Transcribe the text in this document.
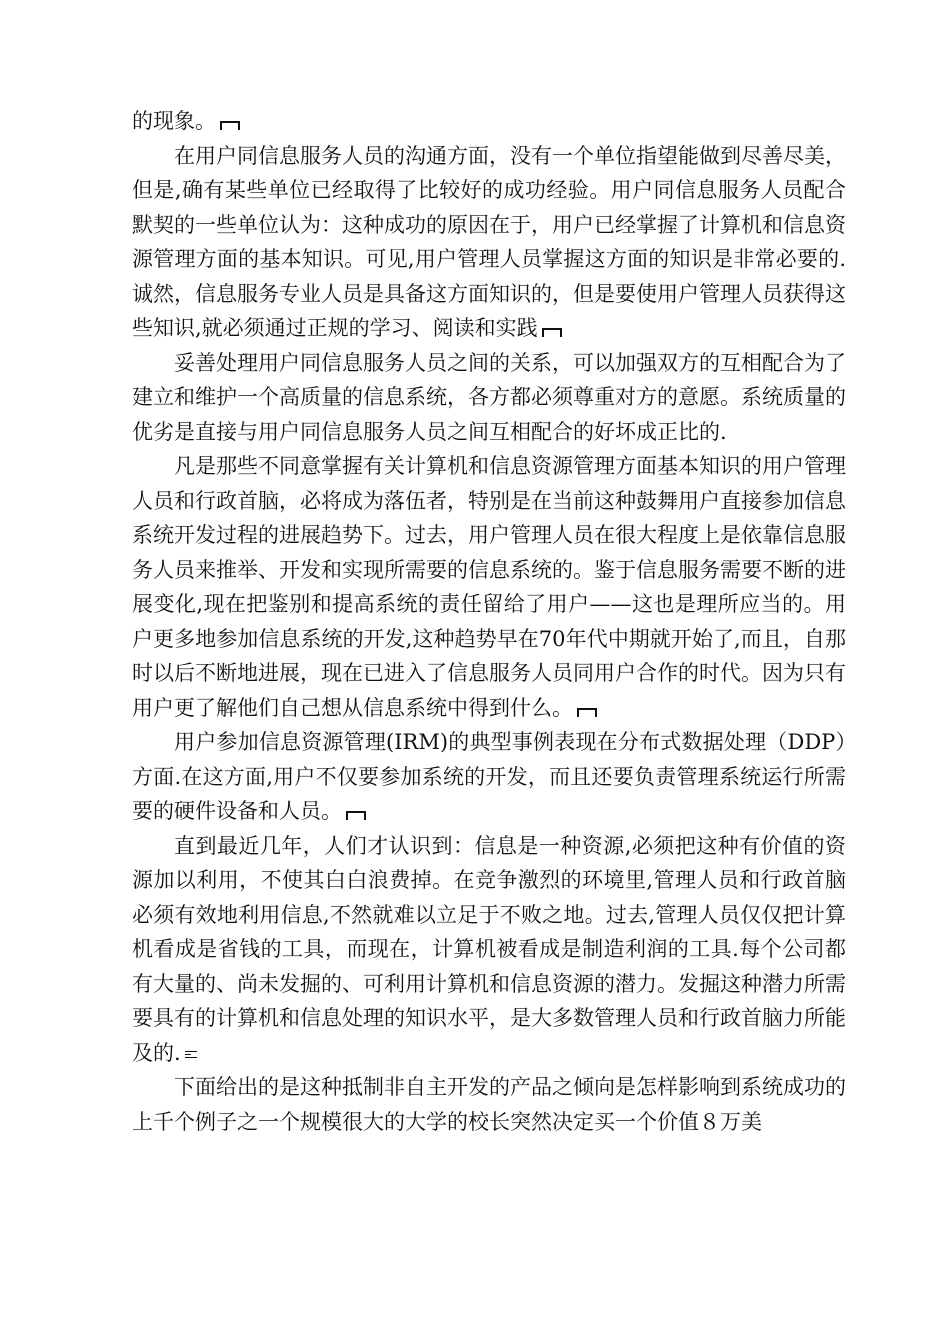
的现象。

在用户同信息服务人员的沟通方面，没有一个单位指望能做到尽善尽美，但是,确有某些单位已经取得了比较好的成功经验。用户同信息服务人员配合默契的一些单位认为：这种成功的原因在于，用户已经掌握了计算机和信息资源管理方面的基本知识。可见,用户管理人员掌握这方面的知识是非常必要的.诚然，信息服务专业人员是具备这方面知识的，但是要使用户管理人员获得这些知识,就必须通过正规的学习、阅读和实践

妥善处理用户同信息服务人员之间的关系，可以加强双方的互相配合为了建立和维护一个高质量的信息系统，各方都必须尊重对方的意愿。系统质量的优劣是直接与用户同信息服务人员之间互相配合的好坏成正比的.

凡是那些不同意掌握有关计算机和信息资源管理方面基本知识的用户管理人员和行政首脑，必将成为落伍者，特别是在当前这种鼓舞用户直接参加信息系统开发过程的进展趋势下。过去，用户管理人员在很大程度上是依靠信息服务人员来推举、开发和实现所需要的信息系统的。鉴于信息服务需要不断的进展变化,现在把鉴别和提高系统的责任留给了用户——这也是理所应当的。用户更多地参加信息系统的开发,这种趋势早在70年代中期就开始了,而且，自那时以后不断地进展，现在已进入了信息服务人员同用户合作的时代。因为只有用户更了解他们自己想从信息系统中得到什么。

用户参加信息资源管理(IRM)的典型事例表现在分布式数据处理（DDP）方面.在这方面,用户不仅要参加系统的开发，而且还要负责管理系统运行所需要的硬件设备和人员。

直到最近几年，人们才认识到：信息是一种资源,必须把这种有价值的资源加以利用，不使其白白浪费掉。在竞争激烈的环境里,管理人员和行政首脑必须有效地利用信息,不然就难以立足于不败之地。过去,管理人员仅仅把计算机看成是省钱的工具，而现在，计算机被看成是制造利润的工具.每个公司都有大量的、尚未发掘的、可利用计算机和信息资源的潜力。发掘这种潜力所需要具有的计算机和信息处理的知识水平，是大多数管理人员和行政首脑力所能及的.

下面给出的是这种抵制非自主开发的产品之倾向是怎样影响到系统成功的上千个例子之一个规模很大的大学的校长突然决定买一个价值８万美
